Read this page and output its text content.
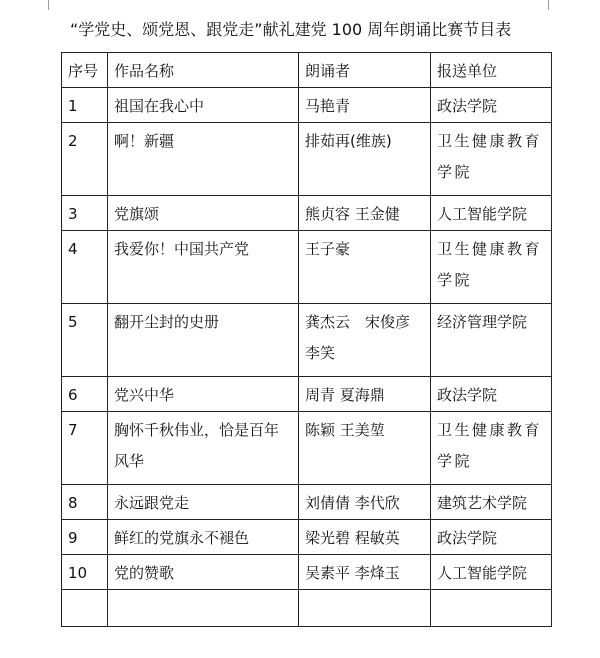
“学党史、颂党恩、跟党走”献礼建党 100 周年朗诵比赛节目表
序号	作品名称	朗诵者	报送单位
1	祖国在我心中	马艳青	政法学院
2	啊！新疆	排茹再(维族)	卫生健康教育学院
3	党旗颂	熊贞容 王金健	人工智能学院
4	我爱你！中国共产党	王子豪	卫生健康教育学院
5	翻开尘封的史册	龚杰云　宋俊彦李笑	经济管理学院
6	党兴中华	周青 夏海鼎	政法学院
7	胸怀千秋伟业，恰是百年风华	陈颖 王美堃	卫生健康教育学院
8	永远跟党走	刘倩倩 李代欣	建筑艺术学院
9	鲜红的党旗永不褪色	梁光碧 程敏英	政法学院
10	党的赞歌	吴素平 李烽玉	人工智能学院
